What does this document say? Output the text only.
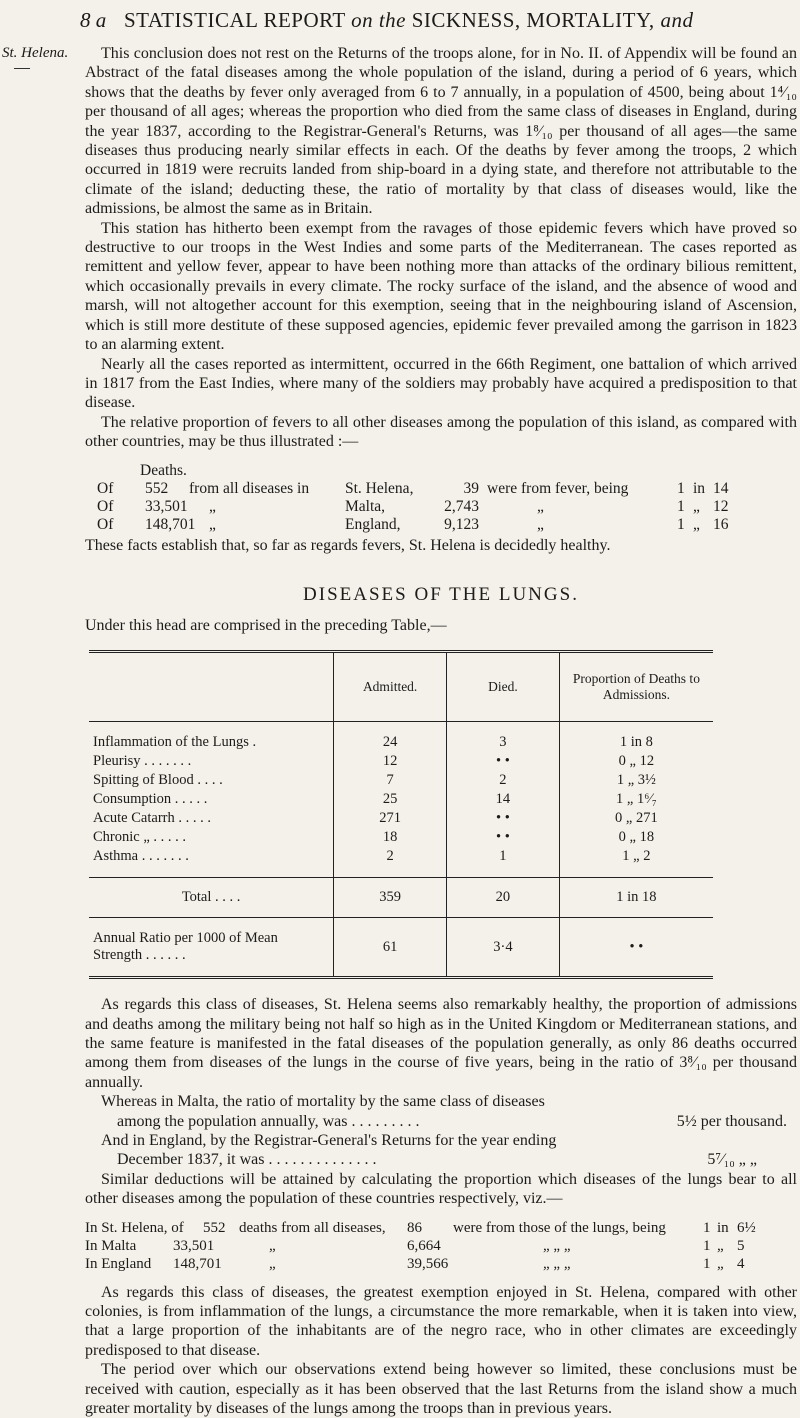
8 a STATISTICAL REPORT on the SICKNESS, MORTALITY, and
St. Helena.	This conclusion does not rest on the Returns of the troops alone, for in No. II. of Appendix will be found an Abstract of the fatal diseases among the whole population of the island, during a period of 6 years, which shows that the deaths by fever only averaged from 6 to 7 annually, in a population of 4500, being about 1⁴⁄₁₀ per thousand of all ages; whereas the proportion who died from the same class of diseases in England, during the year 1837, according to the Registrar-General's Returns, was 1⁸⁄₁₀ per thousand of all ages—the same diseases thus producing nearly similar effects in each. Of the deaths by fever among the troops, 2 which occurred in 1819 were recruits landed from ship-board in a dying state, and therefore not attributable to the climate of the island; deducting these, the ratio of mortality by that class of diseases would, like the admissions, be almost the same as in Britain.

This station has hitherto been exempt from the ravages of those epidemic fevers which have proved so destructive to our troops in the West Indies and some parts of the Mediterranean. The cases reported as remittent and yellow fever, appear to have been nothing more than attacks of the ordinary bilious remittent, which occasionally prevails in every climate. The rocky surface of the island, and the absence of wood and marsh, will not altogether account for this exemption, seeing that in the neighbouring island of Ascension, which is still more destitute of these supposed agencies, epidemic fever prevailed among the garrison in 1823 to an alarming extent.

Nearly all the cases reported as intermittent, occurred in the 66th Regiment, one battalion of which arrived in 1817 from the East Indies, where many of the soldiers may probably have acquired a predisposition to that disease.

The relative proportion of fevers to all other diseases among the population of this island, as compared with other countries, may be thus illustrated :—

Deaths.
Of	552	from all diseases in	St. Helena,	39 were from fever, being	1 in 14
Of	33,501	„	Malta,	2,743	„	1 „ 12
Of	148,701 „	England,	9,123	„	1 „ 16

These facts establish that, so far as regards fevers, St. Helena is decidedly healthy.

DISEASES OF THE LUNGS.

Under this head are comprised in the preceding Table,—

	Admitted.	Died.	Proportion of Deaths to Admissions.
Inflammation of the Lungs .	24	3	1 in 8
Pleurisy . . . . . . .	12	• •	0 „ 12
Spitting of Blood . . . .	7	2	1 „ 3½
Consumption . . . . .	25	14	1 „ 1⁶⁄₇
Acute Catarrh . . . . .	271	• •	0 „ 271
Chronic „ . . . . .	18	• •	0 „ 18
Asthma . . . . . . .	2	1	1 „ 2
Total . . . .	359	20	1 in 18
Annual Ratio per 1000 of Mean Strength . . . . . .	61	3·4	• •

As regards this class of diseases, St. Helena seems also remarkably healthy, the proportion of admissions and deaths among the military being not half so high as in the United Kingdom or Mediterranean stations, and the same feature is manifested in the fatal diseases of the population generally, as only 86 deaths occurred among them from diseases of the lungs in the course of five years, being in the ratio of 3⁸⁄₁₀ per thousand annually.

Whereas in Malta, the ratio of mortality by the same class of diseases

among the population annually, was . . . . . . . . .	5½ per thousand.
And in England, by the Registrar-General's Returns for the year ending
December 1837, it was . . . . . . . . . . . . . .	5⁷⁄₁₀ „ „

Similar deductions will be attained by calculating the proportion which diseases of the lungs bear to all other diseases among the population of these countries respectively, viz.—

In St. Helena, of	552 deaths from all diseases,	86	were from those of the lungs, being	1 in 6½
In Malta	33,501	„	6,664	„ „ „	1 „ 5
In England	148,701	„	39,566	„ „ „	1 „ 4

As regards this class of diseases, the greatest exemption enjoyed in St. Helena, compared with other colonies, is from inflammation of the lungs, a circumstance the more remarkable, when it is taken into view, that a large proportion of the inhabitants are of the negro race, who in other climates are exceedingly predisposed to that disease.

The period over which our observations extend being however so limited, these conclusions must be received with caution, especially as it has been observed that the last Returns from the island show a much greater mortality by diseases of the lungs among the troops than in previous years.
